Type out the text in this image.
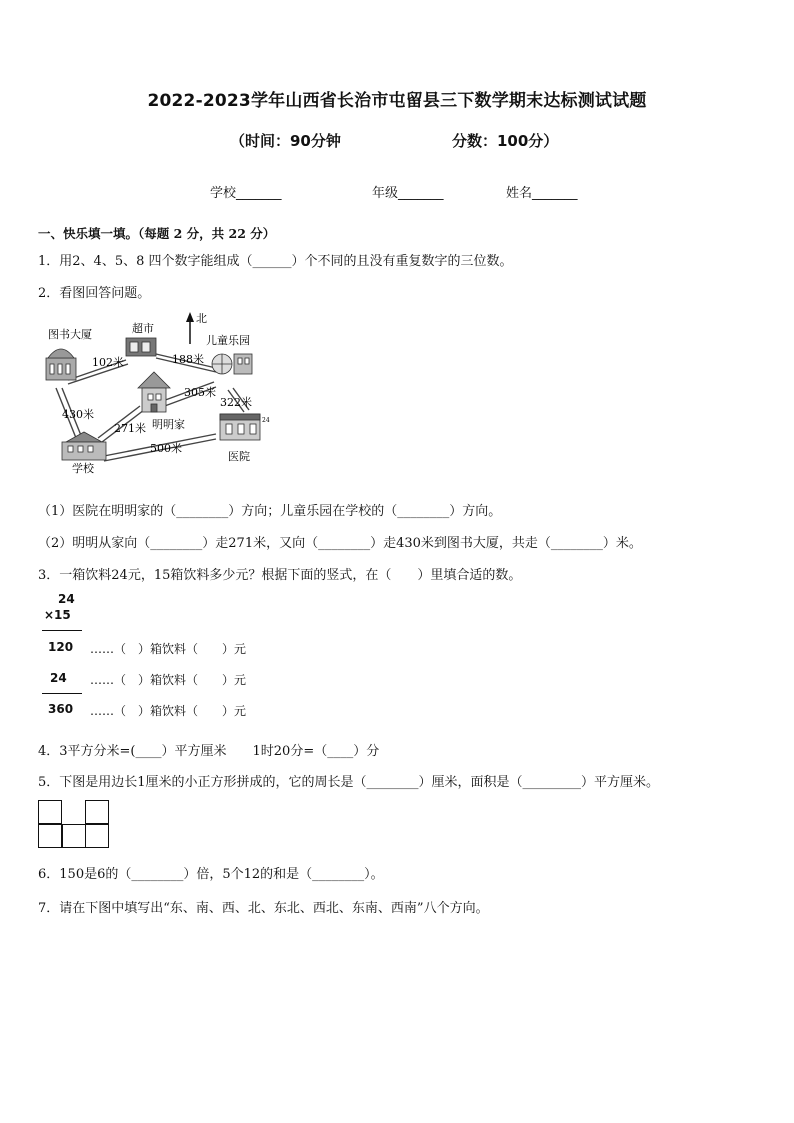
2022-2023学年山西省长治市屯留县三下数学期末达标测试试题
（时间：90分钟	分数：100分）
学校_______	年级_______	姓名_______
一、快乐填一填。（每题 2 分，共 22 分）
1．用2、4、5、8 四个数字能组成（______）个不同的且没有重复数字的三位数。
2．看图回答问题。
北
图书大厦	超市
儿童乐园
明明家
学校
24
医院
102米	188米
305米
322米
430米
271米
500米
（1）医院在明明家的（________）方向；儿童乐园在学校的（________）方向。
（2）明明从家向（________）走271米，又向（________）走430米到图书大厦，共走（________）米。
3．一箱饮料24元，15箱饮料多少元？根据下面的竖式，在（　　）里填合适的数。
24
×15
120 ……（　）箱饮料（　　）元
24 ……（　）箱饮料（　　）元
360 ……（　）箱饮料（　　）元
4．3平方分米=(____）平方厘米　　1时20分=（____）分
5．下图是用边长1厘米的小正方形拼成的，它的周长是（________）厘米，面积是（_________）平方厘米。
6．150是6的（________）倍，5个12的和是（________）。
7．请在下图中填写出“东、南、西、北、东北、西北、东南、西南”八个方向。
